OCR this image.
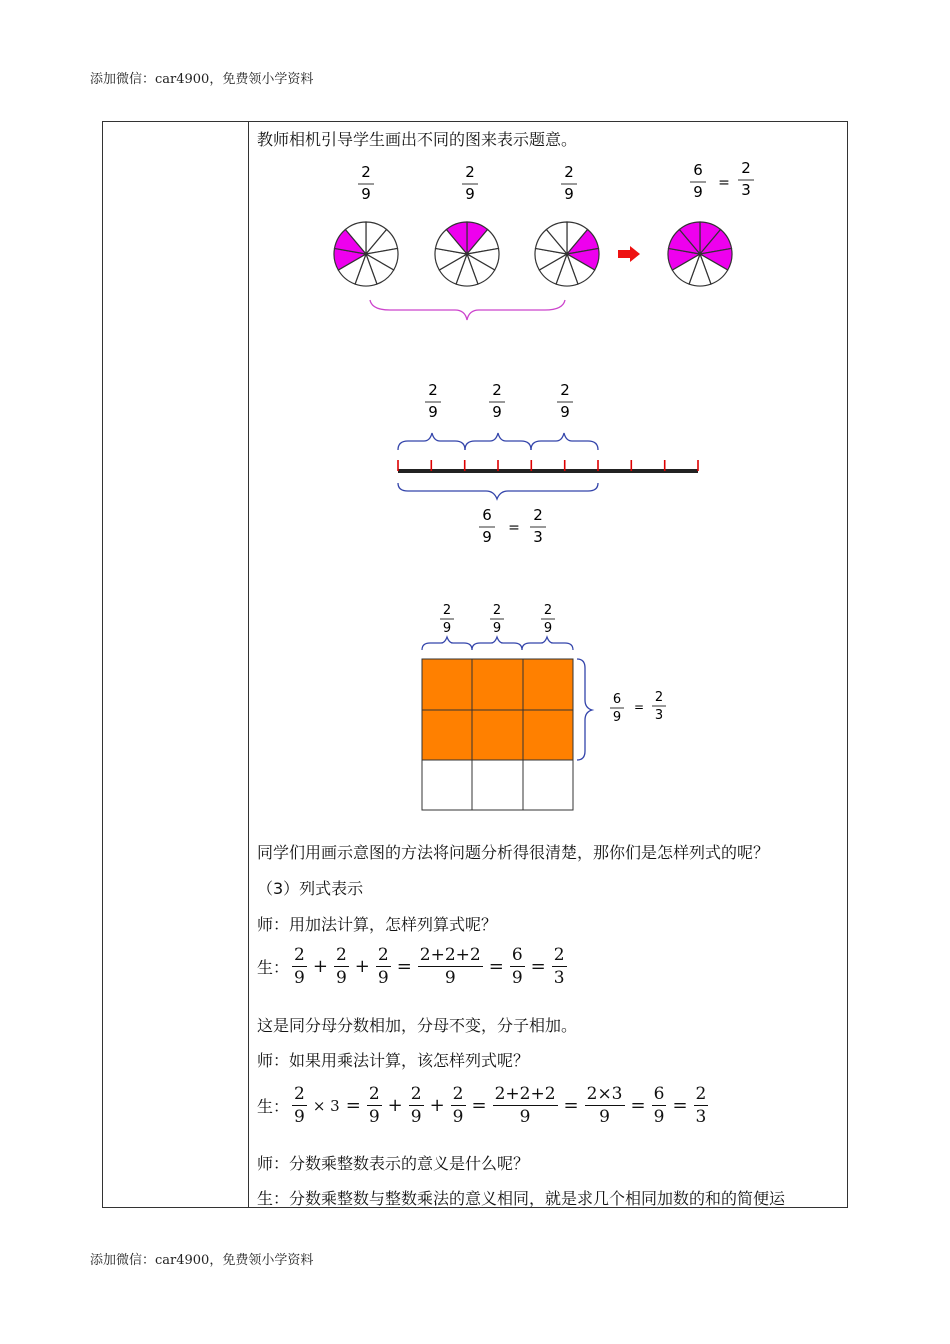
添加微信：car4900，免费领小学资料
教师相机引导学生画出不同的图来表示题意。
2
9
2
9
2
9
6
9 =
2
3
2
9
2
9
2
9
6
9 =
2
3
2
9
2
9
2
9
6
9
=
2
3
同学们用画示意图的方法将问题分析得很清楚，那你们是怎样列式的呢？
（3）列式表示
师：用加法计算，怎样列算式呢？
生： $\frac{2}{9} + \frac{2}{9} + \frac{2}{9} = \frac{2+2+2}{9} = \frac{6}{9} = \frac{2}{3}$
这是同分母分数相加，分母不变，分子相加。
师：如果用乘法计算，该怎样列式呢？
生： $\frac{2}{9} \times 3 = \frac{2}{9} + \frac{2}{9} + \frac{2}{9} = \frac{2+2+2}{9} = \frac{2\times 3}{9} = \frac{6}{9} = \frac{2}{3}$
师：分数乘整数表示的意义是什么呢？
生：分数乘整数与整数乘法的意义相同，就是求几个相同加数的和的简便运
添加微信：car4900，免费领小学资料
